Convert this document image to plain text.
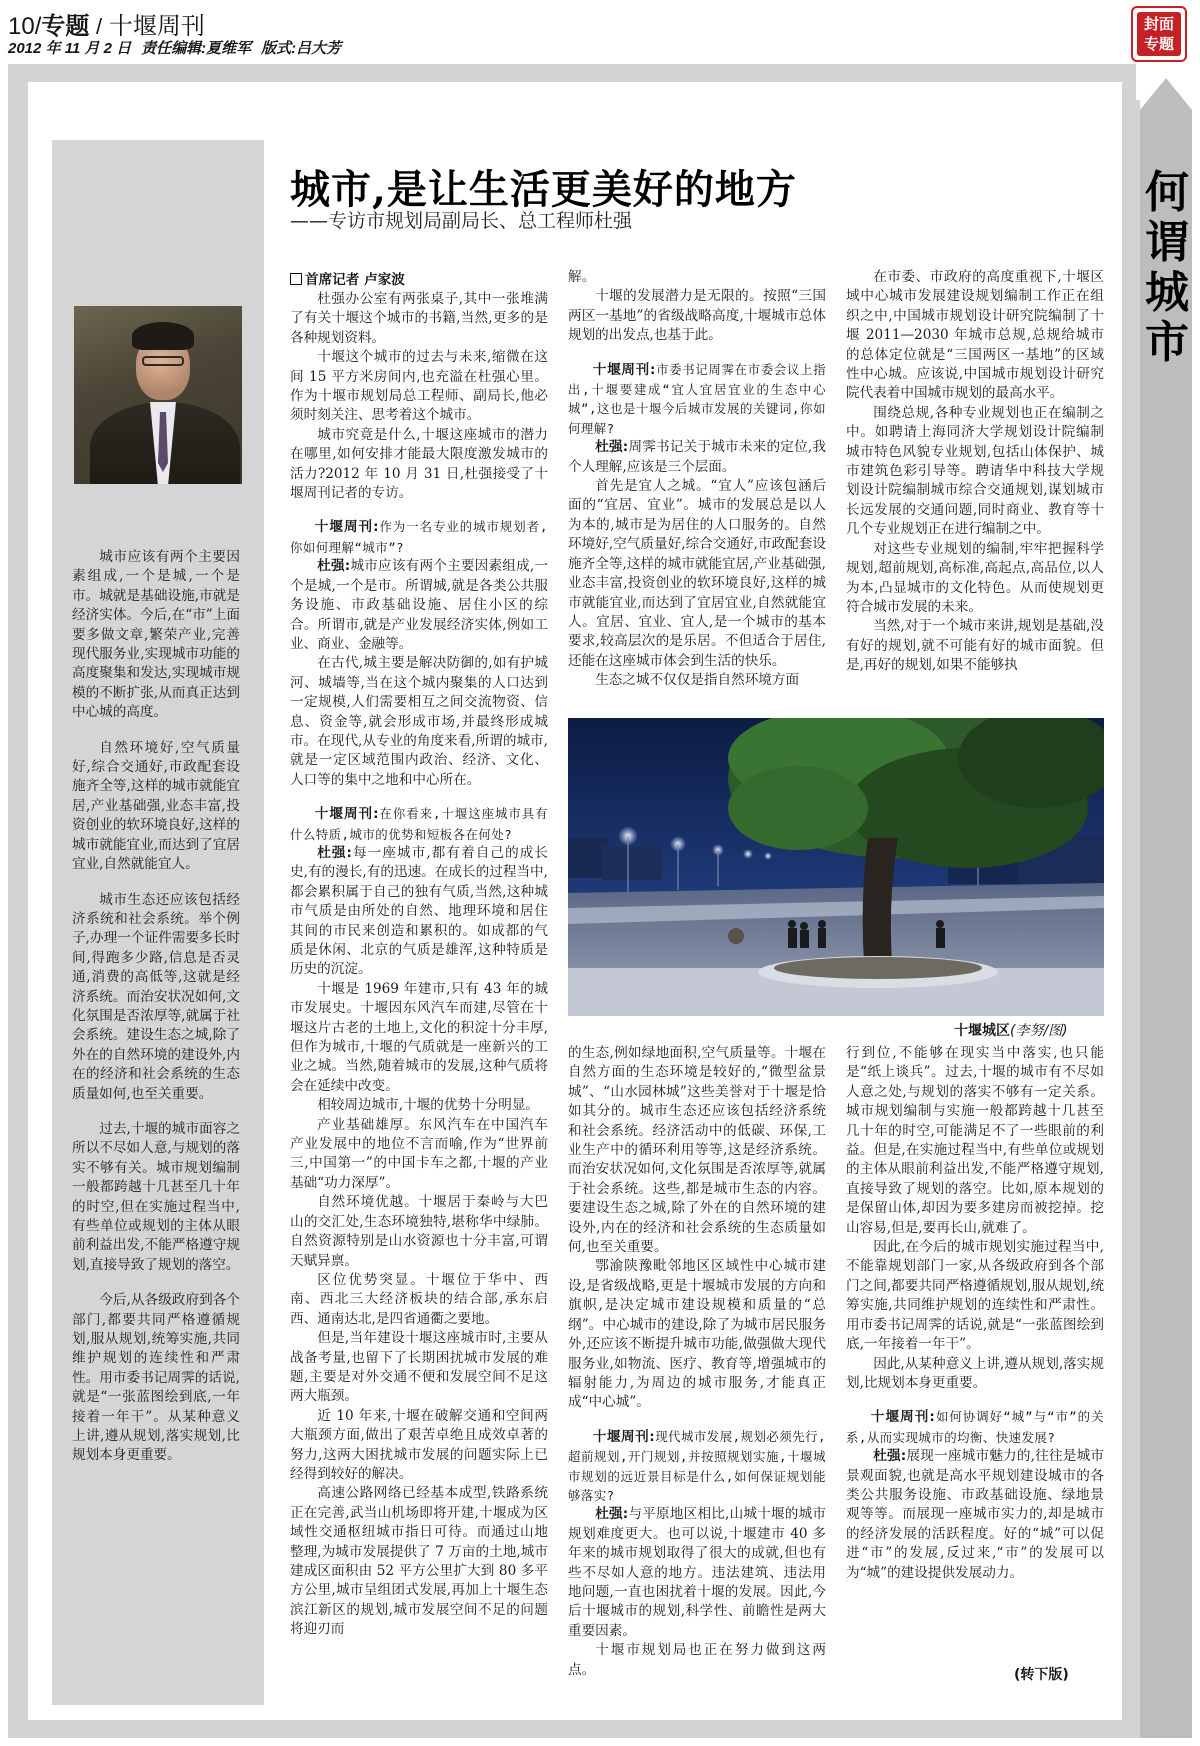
10/专题 / 十堰周刊
2012 年 11 月 2 日 责任编辑:夏维军 版式:吕大芳
封面
专题
何
谓
城
市

城市应该有两个主要因素组成,一个是城,一个是市。城就是基础设施,市就是经济实体。今后,在“市”上面要多做文章,繁荣产业,完善现代服务业,实现城市功能的高度聚集和发达,实现城市规模的不断扩张,从而真正达到中心城的高度。

自然环境好,空气质量好,综合交通好,市政配套设施齐全等,这样的城市就能宜居,产业基础强,业态丰富,投资创业的软环境良好,这样的城市就能宜业,而达到了宜居宜业,自然就能宜人。

城市生态还应该包括经济系统和社会系统。举个例子,办理一个证件需要多长时间,得跑多少路,信息是否灵通,消费的高低等,这就是经济系统。而治安状况如何,文化氛围是否浓厚等,就属于社会系统。建设生态之城,除了外在的自然环境的建设外,内在的经济和社会系统的生态质量如何,也至关重要。

过去,十堰的城市面容之所以不尽如人意,与规划的落实不够有关。城市规划编制一般都跨越十几甚至几十年的时空,但在实施过程当中,有些单位或规划的主体从眼前利益出发,不能严格遵守规划,直接导致了规划的落空。

今后,从各级政府到各个部门,都要共同严格遵循规划,服从规划,统筹实施,共同维护规划的连续性和严肃性。用市委书记周霁的话说,就是“一张蓝图绘到底,一年接着一年干”。从某种意义上讲,遵从规划,落实规划,比规划本身更重要。

城市,是让生活更美好的地方
——专访市规划局副局长、总工程师杜强

杜强办公室有两张桌子,其中一张堆满了有关十堰这个城市的书籍,当然,更多的是各种规划资料。

十堰这个城市的过去与未来,缩微在这间 15 平方米房间内,也充溢在杜强心里。作为十堰市规划局总工程师、副局长,他必须时刻关注、思考着这个城市。

城市究竟是什么,十堰这座城市的潜力在哪里,如何安排才能最大限度激发城市的活力?2012 年 10 月 31 日,杜强接受了十堰周刊记者的专访。

十堰周刊:作为一名专业的城市规划者,你如何理解“城市”?

杜强:城市应该有两个主要因素组成,一个是城,一个是市。所谓城,就是各类公共服务设施、市政基础设施、居住小区的综合。所谓市,就是产业发展经济实体,例如工业、商业、金融等。

在古代,城主要是解决防御的,如有护城河、城墙等,当在这个城内聚集的人口达到一定规模,人们需要相互之间交流物资、信息、资金等,就会形成市场,并最终形成城市。在现代,从专业的角度来看,所谓的城市,就是一定区域范围内政治、经济、文化、人口等的集中之地和中心所在。

十堰周刊:在你看来,十堰这座城市具有什么特质,城市的优势和短板各在何处?

杜强:每一座城市,都有着自己的成长史,有的漫长,有的迅速。在成长的过程当中,都会累积属于自己的独有气质,当然,这种城市气质是由所处的自然、地理环境和居住其间的市民来创造和累积的。如成都的气质是休闲、北京的气质是雄浑,这种特质是历史的沉淀。

十堰是 1969 年建市,只有 43 年的城市发展史。十堰因东风汽车而建,尽管在十堰这片古老的土地上,文化的积淀十分丰厚,但作为城市,十堰的气质就是一座新兴的工业之城。当然,随着城市的发展,这种气质将会在延续中改变。

相较周边城市,十堰的优势十分明显。

产业基础雄厚。东风汽车在中国汽车产业发展中的地位不言而喻,作为“世界前三,中国第一”的中国卡车之都,十堰的产业基础“功力深厚”。

自然环境优越。十堰居于秦岭与大巴山的交汇处,生态环境独特,堪称华中绿肺。自然资源特别是山水资源也十分丰富,可谓天赋异禀。

区位优势突显。十堰位于华中、西南、西北三大经济板块的结合部,承东启西、通南达北,是四省通衢之要地。

但是,当年建设十堰这座城市时,主要从战备考量,也留下了长期困扰城市发展的难题,主要是对外交通不便和发展空间不足这两大瓶颈。

近 10 年来,十堰在破解交通和空间两大瓶颈方面,做出了艰苦卓绝且成效卓著的努力,这两大困扰城市发展的问题实际上已经得到较好的解决。

高速公路网络已经基本成型,铁路系统正在完善,武当山机场即将开建,十堰成为区域性交通枢纽城市指日可待。而通过山地整理,为城市发展提供了 7 万亩的土地,城市建成区面积由 52 平方公里扩大到 80 多平方公里,城市呈组团式发展,再加上十堰生态滨江新区的规划,城市发展空间不足的问题将迎刃而

首席记者 卢家波	解。

十堰的发展潜力是无限的。按照“三国两区一基地”的省级战略高度,十堰城市总体规划的出发点,也基于此。

十堰周刊:市委书记周霁在市委会议上指出,十堰要建成“宜人宜居宜业的生态中心城”,这也是十堰今后城市发展的关键词,你如何理解?

杜强:周霁书记关于城市未来的定位,我个人理解,应该是三个层面。

首先是宜人之城。“宜人”应该包涵后面的“宜居、宜业”。城市的发展总是以人为本的,城市是为居住的人口服务的。自然环境好,空气质量好,综合交通好,市政配套设施齐全等,这样的城市就能宜居,产业基础强,业态丰富,投资创业的软环境良好,这样的城市就能宜业,而达到了宜居宜业,自然就能宜人。宜居、宜业、宜人,是一个城市的基本要求,较高层次的是乐居。不但适合于居住,还能在这座城市体会到生活的快乐。

生态之城不仅仅是指自然环境方面

在市委、市政府的高度重视下,十堰区域中心城市发展建设规划编制工作正在组织之中,中国城市规划设计研究院编制了十堰 2011—2030 年城市总规,总规给城市的总体定位就是“三国两区一基地”的区域性中心城。应该说,中国城市规划设计研究院代表着中国城市规划的最高水平。

围绕总规,各种专业规划也正在编制之中。如聘请上海同济大学规划设计院编制城市特色风貌专业规划,包括山体保护、城市建筑色彩引导等。聘请华中科技大学规划设计院编制城市综合交通规划,谋划城市长远发展的交通问题,同时商业、教育等十几个专业规划正在进行编制之中。

对这些专业规划的编制,牢牢把握科学规划,超前规划,高标准,高起点,高品位,以人为本,凸显城市的文化特色。从而使规划更符合城市发展的未来。

当然,对于一个城市来讲,规划是基础,没有好的规划,就不可能有好的城市面貌。但是,再好的规划,如果不能够执

十堰城区(李努/图)

的生态,例如绿地面积,空气质量等。十堰在自然方面的生态环境是较好的,“微型盆景城”、“山水园林城”这些美誉对于十堰是恰如其分的。城市生态还应该包括经济系统和社会系统。经济活动中的低碳、环保,工业生产中的循环利用等等,这是经济系统。而治安状况如何,文化氛围是否浓厚等,就属于社会系统。这些,都是城市生态的内容。要建设生态之城,除了外在的自然环境的建设外,内在的经济和社会系统的生态质量如何,也至关重要。

鄂渝陕豫毗邻地区区域性中心城市建设,是省级战略,更是十堰城市发展的方向和旗帜,是决定城市建设规模和质量的“总纲”。中心城市的建设,除了为城市居民服务外,还应该不断提升城市功能,做强做大现代服务业,如物流、医疗、教育等,增强城市的辐射能力,为周边的城市服务,才能真正成“中心城”。

十堰周刊:现代城市发展,规划必须先行,超前规划,开门规划,并按照规划实施,十堰城市规划的远近景目标是什么,如何保证规划能够落实?

杜强:与平原地区相比,山城十堰的城市规划难度更大。也可以说,十堰建市 40 多年来的城市规划取得了很大的成就,但也有些不尽如人意的地方。违法建筑、违法用地问题,一直也困扰着十堰的发展。因此,今后十堰城市的规划,科学性、前瞻性是两大重要因素。

十堰市规划局也正在努力做到这两点。

行到位,不能够在现实当中落实,也只能是“纸上谈兵”。过去,十堰的城市有不尽如人意之处,与规划的落实不够有一定关系。城市规划编制与实施一般都跨越十几甚至几十年的时空,可能满足不了一些眼前的利益。但是,在实施过程当中,有些单位或规划的主体从眼前利益出发,不能严格遵守规划,直接导致了规划的落空。比如,原本规划的是保留山体,却因为要多建房而被挖掉。挖山容易,但是,要再长山,就难了。

因此,在今后的城市规划实施过程当中,不能靠规划部门一家,从各级政府到各个部门之间,都要共同严格遵循规划,服从规划,统筹实施,共同维护规划的连续性和严肃性。用市委书记周霁的话说,就是“一张蓝图绘到底,一年接着一年干”。

因此,从某种意义上讲,遵从规划,落实规划,比规划本身更重要。

十堰周刊:如何协调好“城”与“市”的关系,从而实现城市的均衡、快速发展?

杜强:展现一座城市魅力的,往往是城市景观面貌,也就是高水平规划建设城市的各类公共服务设施、市政基础设施、绿地景观等等。而展现一座城市实力的,却是城市的经济发展的活跃程度。好的“城”可以促进“市”的发展,反过来,“市”的发展可以为“城”的建设提供发展动力。

(转下版)
